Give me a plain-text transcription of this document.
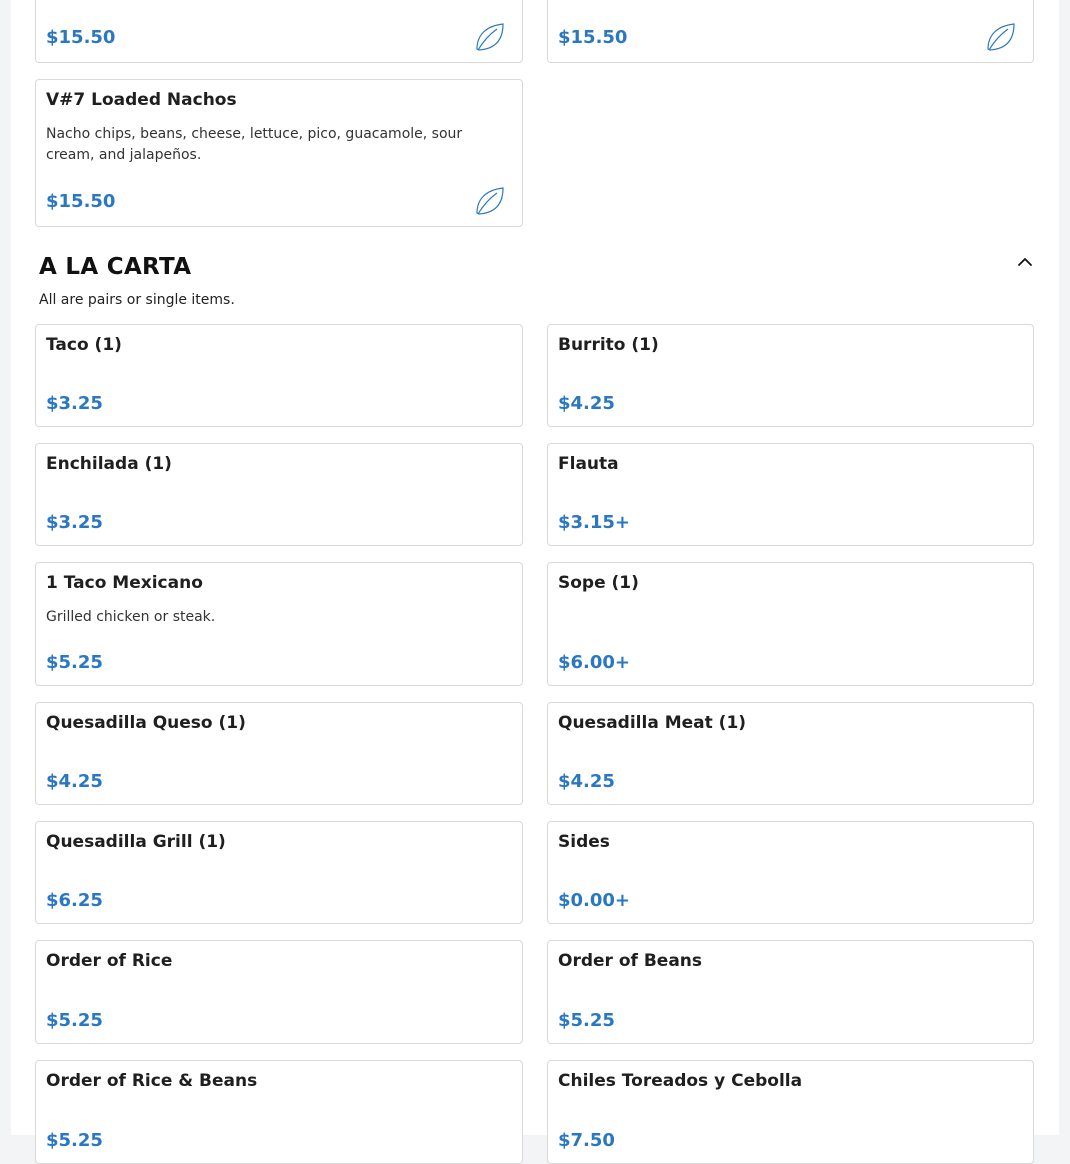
$15.50	$15.50
V#7 Loaded Nachos
Nacho chips, beans, cheese, lettuce, pico, guacamole, sour cream, and jalapeños.
$15.50
A LA CARTA
All are pairs or single items.
Taco (1)
$3.25
Burrito (1)
$4.25
Enchilada (1)
$3.25
Flauta
$3.15+
1 Taco Mexicano
Grilled chicken or steak.
$5.25
Sope (1)
$6.00+
Quesadilla Queso (1)
$4.25
Quesadilla Meat (1)
$4.25
Quesadilla Grill (1)
$6.25
Sides
$0.00+
Order of Rice
$5.25
Order of Beans
$5.25
Order of Rice & Beans
$5.25
Chiles Toreados y Cebolla
$7.50
